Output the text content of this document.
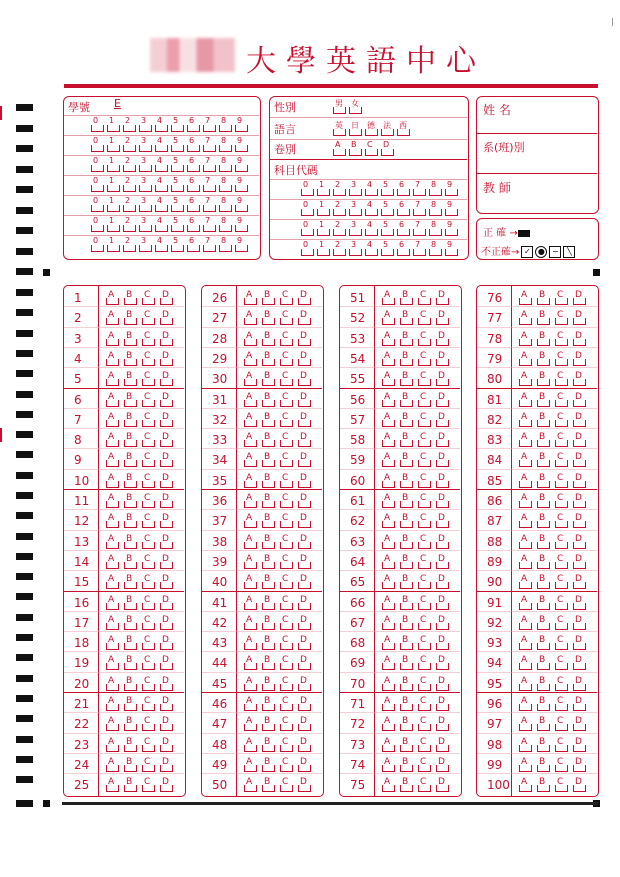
大學英語中心
學號 E
0 1 2 3 4 5 6 7 8 9
0 1 2 3 4 5 6 7 8 9
0 1 2 3 4 5 6 7 8 9
0 1 2 3 4 5 6 7 8 9
0 1 2 3 4 5 6 7 8 9
0 1 2 3 4 5 6 7 8 9
0 1 2 3 4 5 6 7 8 9
性別	男 女
語言	英 日 德 法 西
卷別	A B C D
科目代碼
0 1 2 3 4 5 6 7 8 9
0 1 2 3 4 5 6 7 8 9
0 1 2 3 4 5 6 7 8 9
0 1 2 3 4 5 6 7 8 9
姓 名
系(班)別
教 師
正 確 →
不正確→ ✓ ● − ╲
1	A B C D
2	A B C D
3	A B C D
4	A B C D
5	A B C D
6	A B C D
7	A B C D
8	A B C D
9	A B C D
10 A B C D
11 A B C D
12 A B C D
13 A B C D
14 A B C D
15 A B C D
16 A B C D
17 A B C D
18 A B C D
19 A B C D
20 A B C D
21 A B C D
22 A B C D
23 A B C D
24 A B C D
25 A B C D
26 A B C D
27 A B C D
28 A B C D
29 A B C D
30 A B C D
31 A B C D
32 A B C D
33 A B C D
34 A B C D
35 A B C D
36 A B C D
37 A B C D
38 A B C D
39 A B C D
40 A B C D
41 A B C D
42 A B C D
43 A B C D
44 A B C D
45 A B C D
46 A B C D
47 A B C D
48 A B C D
49 A B C D
50 A B C D
51 A B C D
52 A B C D
53 A B C D
54 A B C D
55 A B C D
56 A B C D
57 A B C D
58 A B C D
59 A B C D
60 A B C D
61 A B C D
62 A B C D
63 A B C D
64 A B C D
65 A B C D
66 A B C D
67 A B C D
68 A B C D
69 A B C D
70 A B C D
71 A B C D
72 A B C D
73 A B C D
74 A B C D
75 A B C D
76 A B C D
77 A B C D
78 A B C D
79 A B C D
80 A B C D
81 A B C D
82 A B C D
83 A B C D
84 A B C D
85 A B C D
86 A B C D
87 A B C D
88 A B C D
89 A B C D
90 A B C D
91 A B C D
92 A B C D
93 A B C D
94 A B C D
95 A B C D
96 A B C D
97 A B C D
98 A B C D
99 A B C D
100 A B C D
